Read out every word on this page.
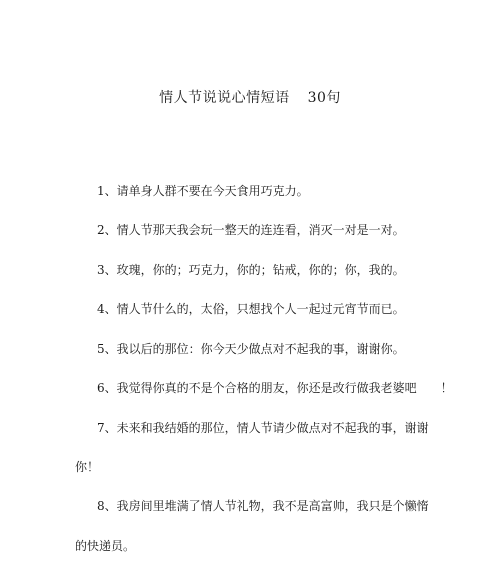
情人节说说心情短语 30句
1、请单身人群不要在今天食用巧克力。
2、情人节那天我会玩一整天的连连看，消灭一对是一对。
3、玫瑰，你的；巧克力，你的；钻戒，你的；你，我的。
4、情人节什么的，太俗，只想找个人一起过元宵节而已。
5、我以后的那位：你今天少做点对不起我的事，谢谢你。
6、我觉得你真的不是个合格的朋友，你还是改行做我老婆吧 ！
7、未来和我结婚的那位，情人节请少做点对不起我的事，谢谢
你！
8、我房间里堆满了情人节礼物，我不是高富帅，我只是个懒惰
的快递员。
